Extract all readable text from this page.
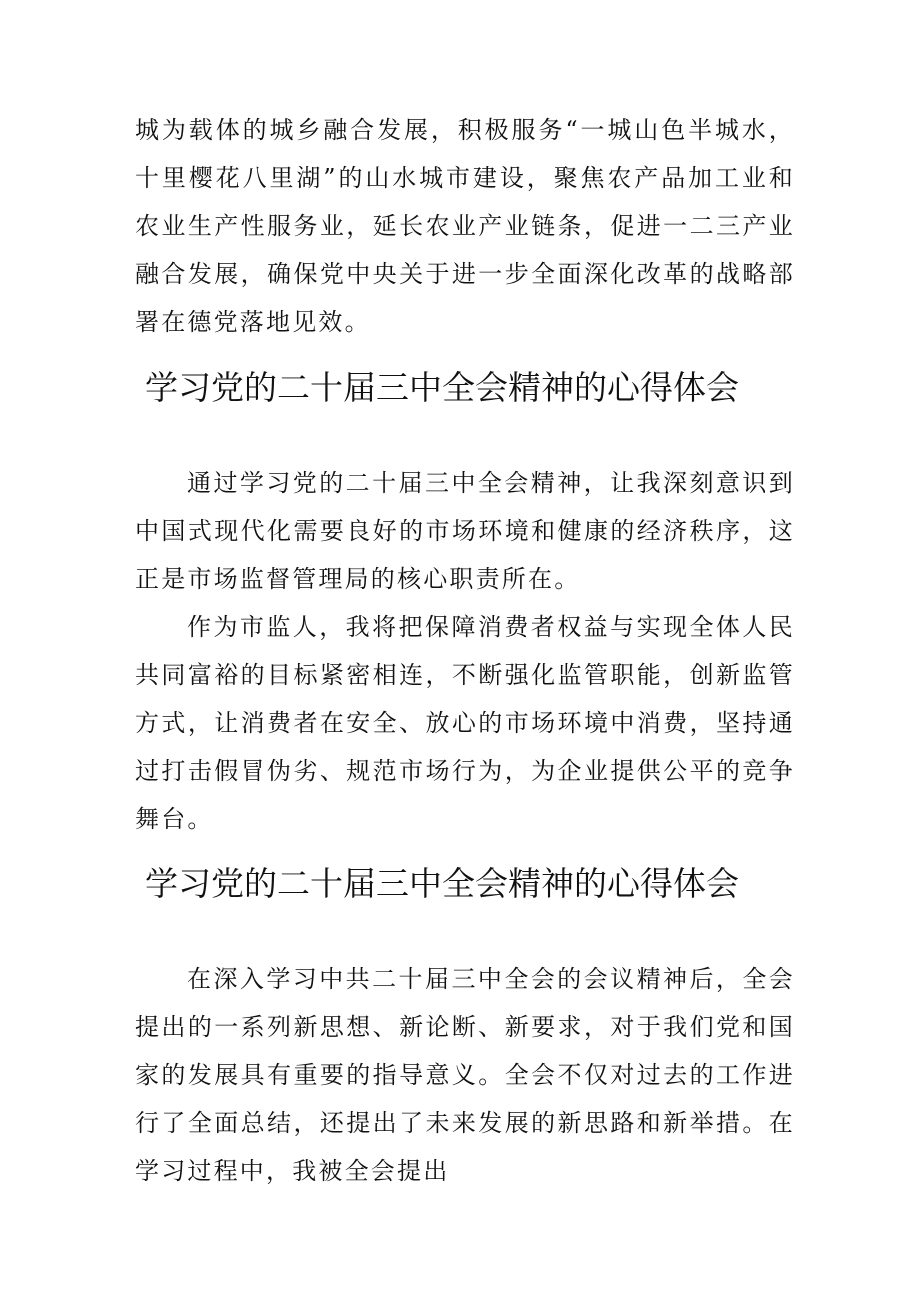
城为载体的城乡融合发展，积极服务“一城山色半城水，十里樱花八里湖”的山水城市建设，聚焦农产品加工业和农业生产性服务业，延长农业产业链条，促进一二三产业融合发展，确保党中央关于进一步全面深化改革的战略部署在德党落地见效。

学习党的二十届三中全会精神的心得体会

通过学习党的二十届三中全会精神，让我深刻意识到中国式现代化需要良好的市场环境和健康的经济秩序，这正是市场监督管理局的核心职责所在。

作为市监人，我将把保障消费者权益与实现全体人民共同富裕的目标紧密相连，不断强化监管职能，创新监管方式，让消费者在安全、放心的市场环境中消费，坚持通过打击假冒伪劣、规范市场行为，为企业提供公平的竞争舞台。

学习党的二十届三中全会精神的心得体会

在深入学习中共二十届三中全会的会议精神后，全会提出的一系列新思想、新论断、新要求，对于我们党和国家的发展具有重要的指导意义。全会不仅对过去的工作进行了全面总结，还提出了未来发展的新思路和新举措。在学习过程中，我被全会提出
